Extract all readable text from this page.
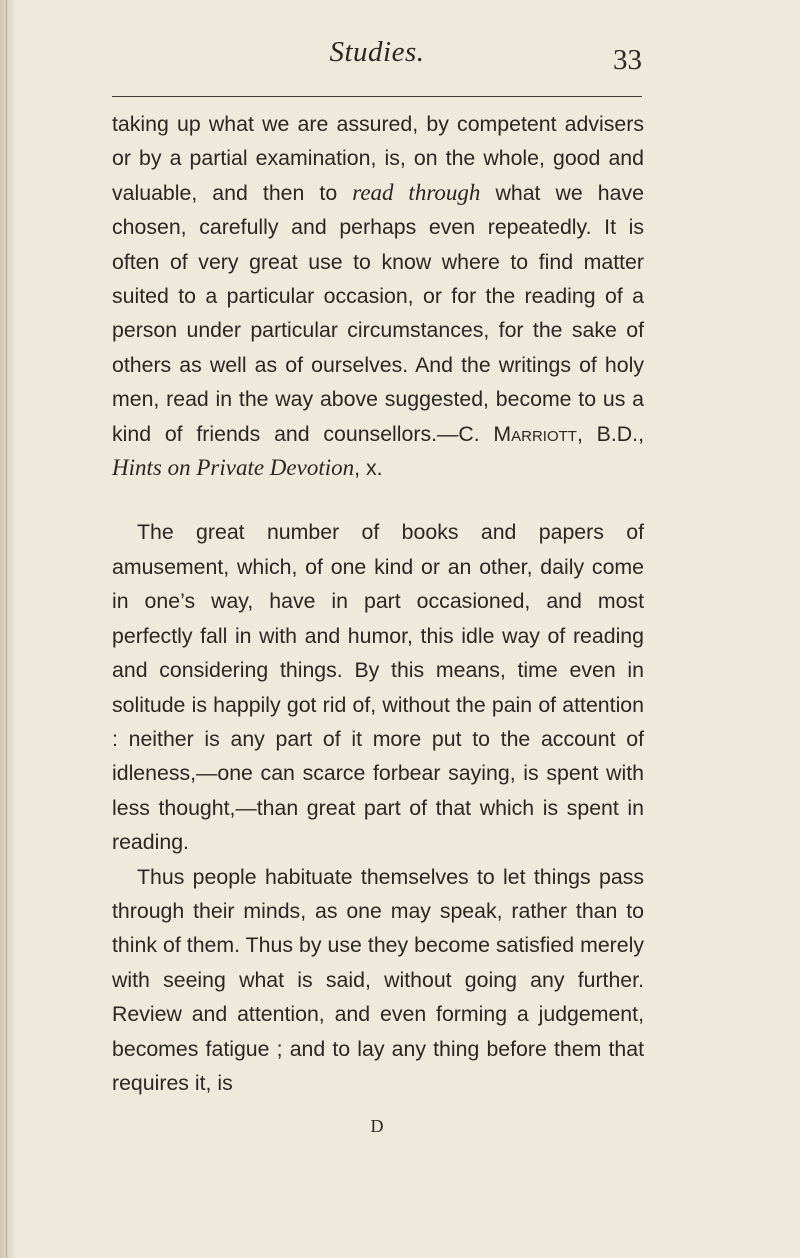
Studies.	33

taking up what we are assured, by competent advisers or by a partial examination, is, on the whole, good and valuable, and then to read through what we have chosen, carefully and perhaps even repeatedly. It is often of very great use to know where to find matter suited to a particular occasion, or for the reading of a person under particular circumstances, for the sake of others as well as of ourselves. And the writings of holy men, read in the way above suggested, become to us a kind of friends and counsellors.—C. Marriott, B.D., Hints on Private Devotion, x.

The great number of books and papers of amusement, which, of one kind or an other, daily come in one’s way, have in part occasioned, and most perfectly fall in with and humor, this idle way of reading and considering things. By this means, time even in solitude is happily got rid of, without the pain of attention : neither is any part of it more put to the account of idleness,—one can scarce forbear saying, is spent with less thought,—than great part of that which is spent in reading.

Thus people habituate themselves to let things pass through their minds, as one may speak, rather than to think of them. Thus by use they become satisfied merely with seeing what is said, without going any further. Review and attention, and even forming a judgement, becomes fatigue ; and to lay any thing before them that requires it, is

D
